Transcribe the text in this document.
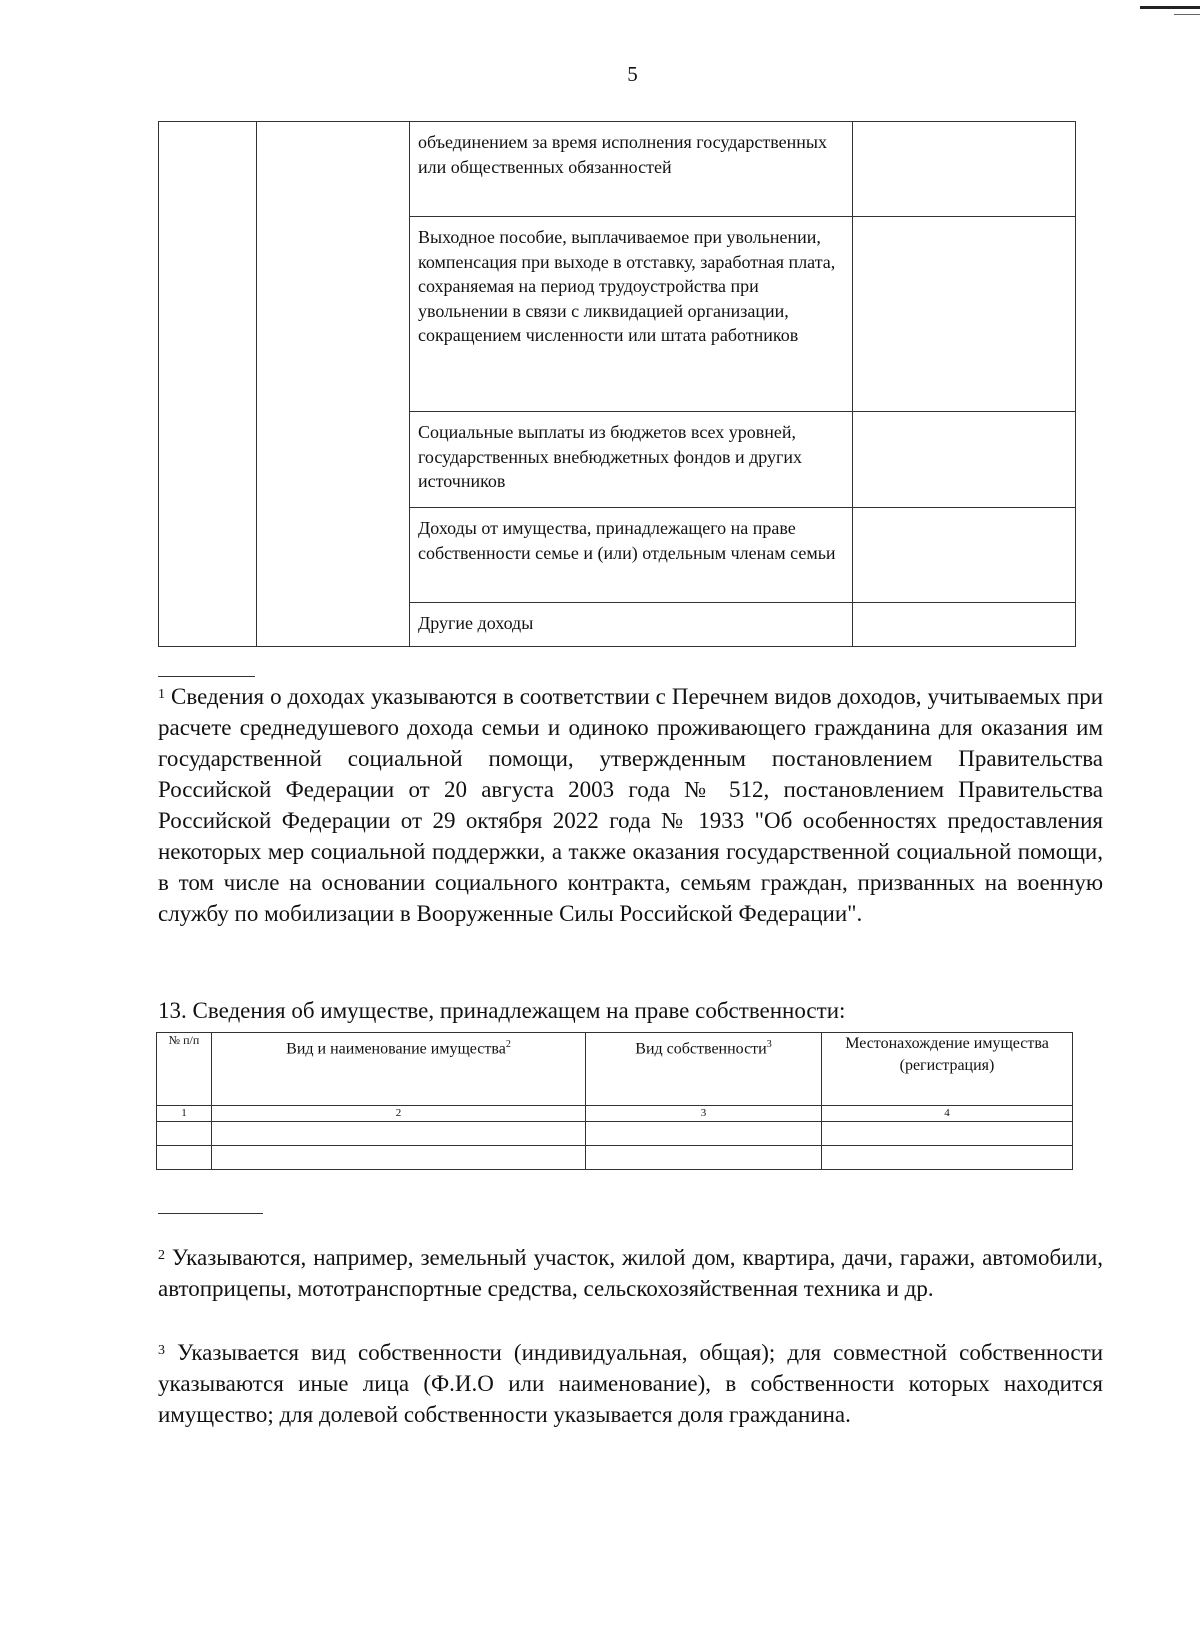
5
		объединением за время исполнения государственных или общественных обязанностей	
		Выходное пособие, выплачиваемое при увольнении, компенсация при выходе в отставку, заработная плата, сохраняемая на период трудоустройства при увольнении в связи с ликвидацией организации, сокращением численности или штата работников	
		Социальные выплаты из бюджетов всех уровней, государственных внебюджетных фондов и других источников	
		Доходы от имущества, принадлежащего на праве собственности семье и (или) отдельным членам семьи	
		Другие доходы	
$^1$ Сведения о доходах указываются в соответствии с Перечнем видов доходов, учитываемых при расчете среднедушевого дохода семьи и одиноко проживающего гражданина для оказания им государственной социальной помощи, утвержденным постановлением Правительства Российской Федерации от 20 августа 2003 года № 512, постановлением Правительства Российской Федерации от 29 октября 2022 года № 1933 "Об особенностях предоставления некоторых мер социальной поддержки, а также оказания государственной социальной помощи, в том числе на основании социального контракта, семьям граждан, призванных на военную службу по мобилизации в Вооруженные Силы Российской Федерации".
13. Сведения об имуществе, принадлежащем на праве собственности:
№ п/п	Вид и наименование имущества$^2$	Вид собственности$^3$	Местонахождение имущества (регистрация)
1	2	3	4

$^2$ Указываются, например, земельный участок, жилой дом, квартира, дачи, гаражи, автомобили, автоприцепы, мототранспортные средства, сельскохозяйственная техника и др.
$^3$ Указывается вид собственности (индивидуальная, общая); для совместной собственности указываются иные лица (Ф.И.О или наименование), в собственности которых находится имущество; для долевой собственности указывается доля гражданина.
